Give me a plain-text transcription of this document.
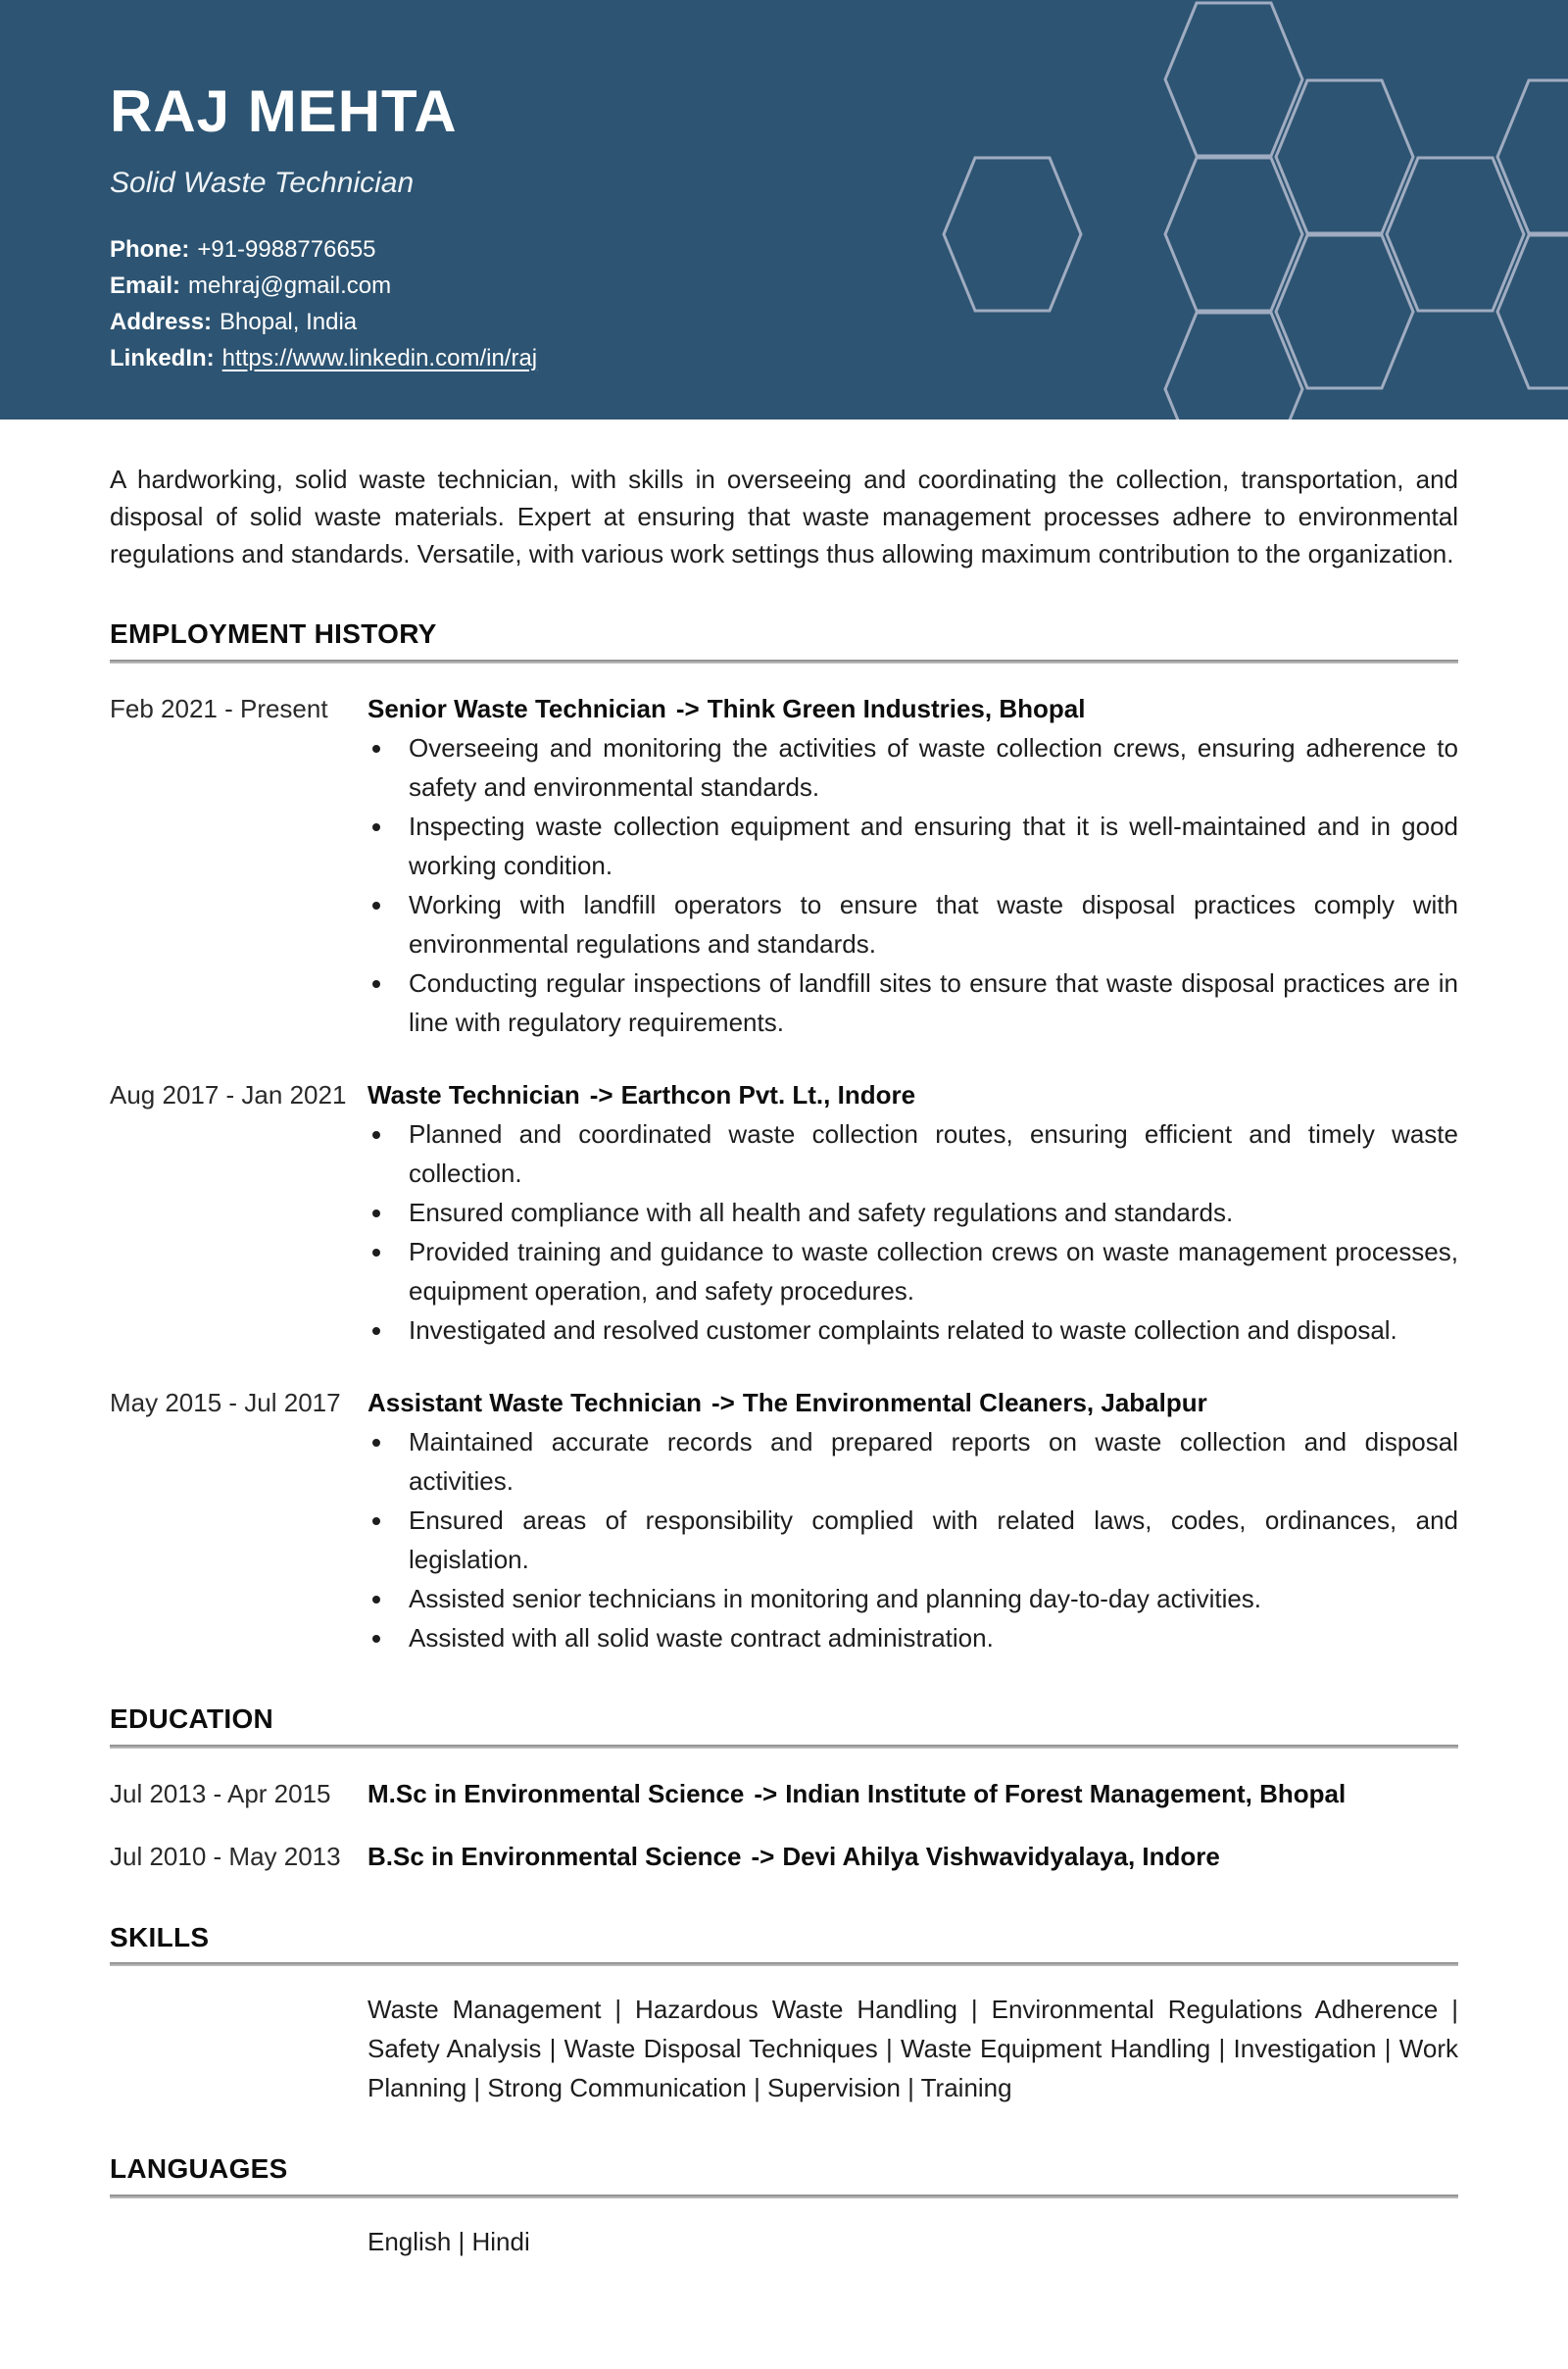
RAJ MEHTA
Solid Waste Technician
Phone: +91-9988776655
Email: mehraj@gmail.com
Address: Bhopal, India
LinkedIn: https://www.linkedin.com/in/raj

A hardworking, solid waste technician, with skills in overseeing and coordinating the collection, transportation, and disposal of solid waste materials. Expert at ensuring that waste management processes adhere to environmental regulations and standards. Versatile, with various work settings thus allowing maximum contribution to the organization.

EMPLOYMENT HISTORY
Feb 2021 - Present	Senior Waste Technician -> Think Green Industries, Bhopal
• Overseeing and monitoring the activities of waste collection crews, ensuring adherence to safety and environmental standards.
• Inspecting waste collection equipment and ensuring that it is well-maintained and in good working condition.
• Working with landfill operators to ensure that waste disposal practices comply with environmental regulations and standards.
• Conducting regular inspections of landfill sites to ensure that waste disposal practices are in line with regulatory requirements.
Aug 2017 - Jan 2021 Waste Technician -> Earthcon Pvt. Lt., Indore
• Planned and coordinated waste collection routes, ensuring efficient and timely waste collection.
• Ensured compliance with all health and safety regulations and standards.
• Provided training and guidance to waste collection crews on waste management processes, equipment operation, and safety procedures.
• Investigated and resolved customer complaints related to waste collection and disposal.
May 2015 - Jul 2017	Assistant Waste Technician -> The Environmental Cleaners, Jabalpur
• Maintained accurate records and prepared reports on waste collection and disposal activities.
• Ensured areas of responsibility complied with related laws, codes, ordinances, and legislation.
• Assisted senior technicians in monitoring and planning day-to-day activities.
• Assisted with all solid waste contract administration.
EDUCATION
Jul 2013 - Apr 2015	M.Sc in Environmental Science -> Indian Institute of Forest Management, Bhopal
Jul 2010 - May 2013	B.Sc in Environmental Science -> Devi Ahilya Vishwavidyalaya, Indore
SKILLS

Waste Management | Hazardous Waste Handling | Environmental Regulations Adherence | Safety Analysis | Waste Disposal Techniques | Waste Equipment Handling | Investigation | Work Planning | Strong Communication | Supervision | Training

LANGUAGES

English | Hindi
